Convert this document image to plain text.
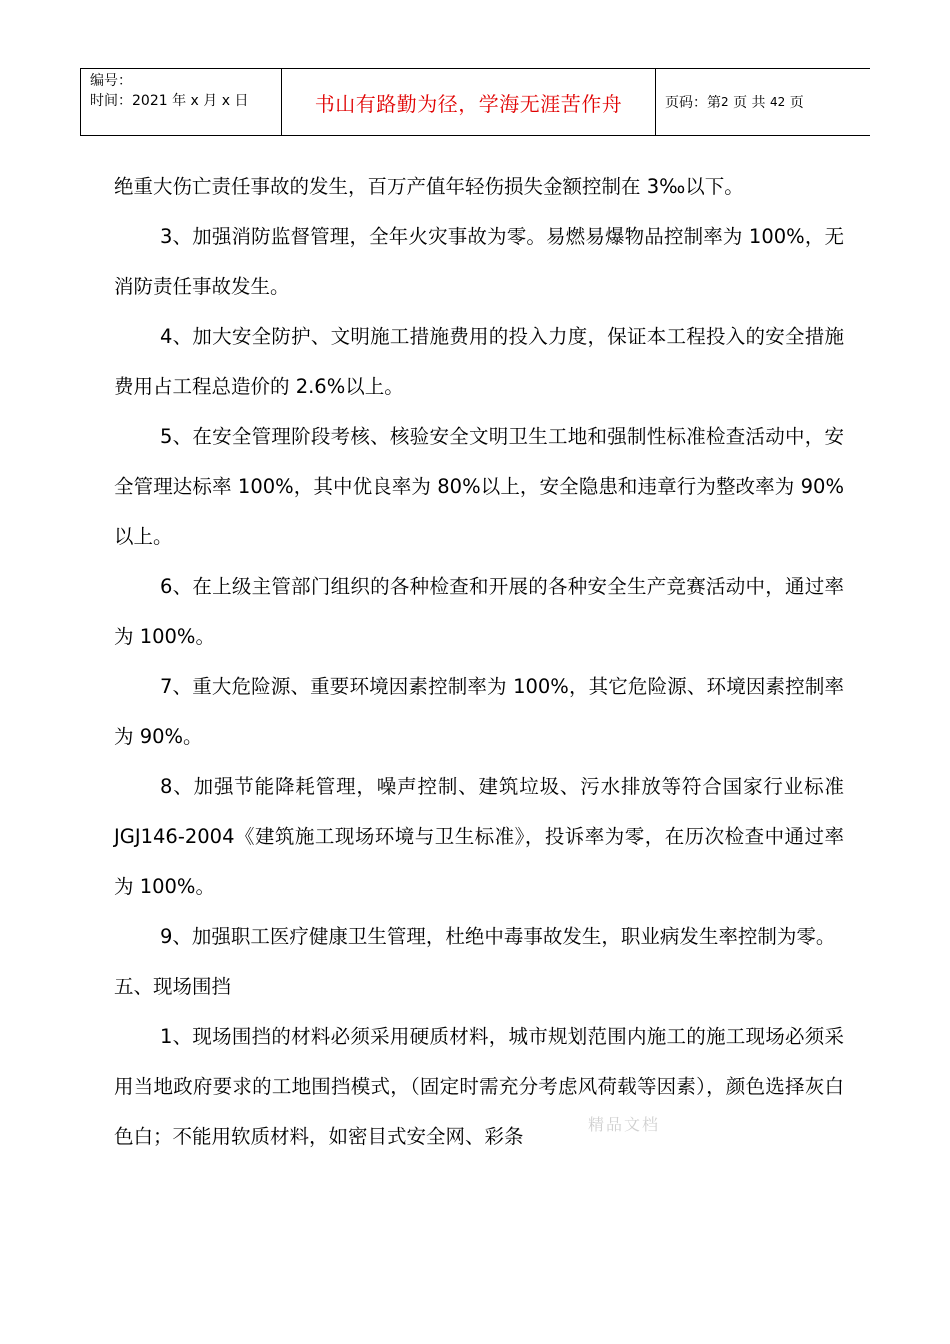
编号：
时间：2021 年 x 月 x 日	书山有路勤为径，学海无涯苦作舟	页码：第 2
页 共
42
页

绝重大伤亡责任事故的发生，百万产值年轻伤损失金额控制在 3‰以下。

3、加强消防监督管理，全年火灾事故为零。易燃易爆物品控制率为 100%，无消防责任事故发生。

4、加大安全防护、文明施工措施费用的投入力度，保证本工程投入的安全措施费用占工程总造价的 2.6%以上。

5、在安全管理阶段考核、核验安全文明卫生工地和强制性标准检查活动中，安全管理达标率 100%，其中优良率为 80%以上，安全隐患和违章行为整改率为 90%以上。

6、在上级主管部门组织的各种检查和开展的各种安全生产竞赛活动中，通过率为 100%。

7、重大危险源、重要环境因素控制率为 100%，其它危险源、环境因素控制率为 90%。

8、加强节能降耗管理，噪声控制、建筑垃圾、污水排放等符合国家行业标准 JGJ146-2004《建筑施工现场环境与卫生标准》，投诉率为零，在历次检查中通过率为 100%。

9、加强职工医疗健康卫生管理，杜绝中毒事故发生，职业病发生率控制为零。

五、现场围挡

1、现场围挡的材料必须采用硬质材料，城市规划范围内施工的施工现场必须采用当地政府要求的工地围挡模式，（固定时需充分考虑风荷载等因素），颜色选择灰白色白；不能用软质材料，如密目式安全网、彩条

精品文档
